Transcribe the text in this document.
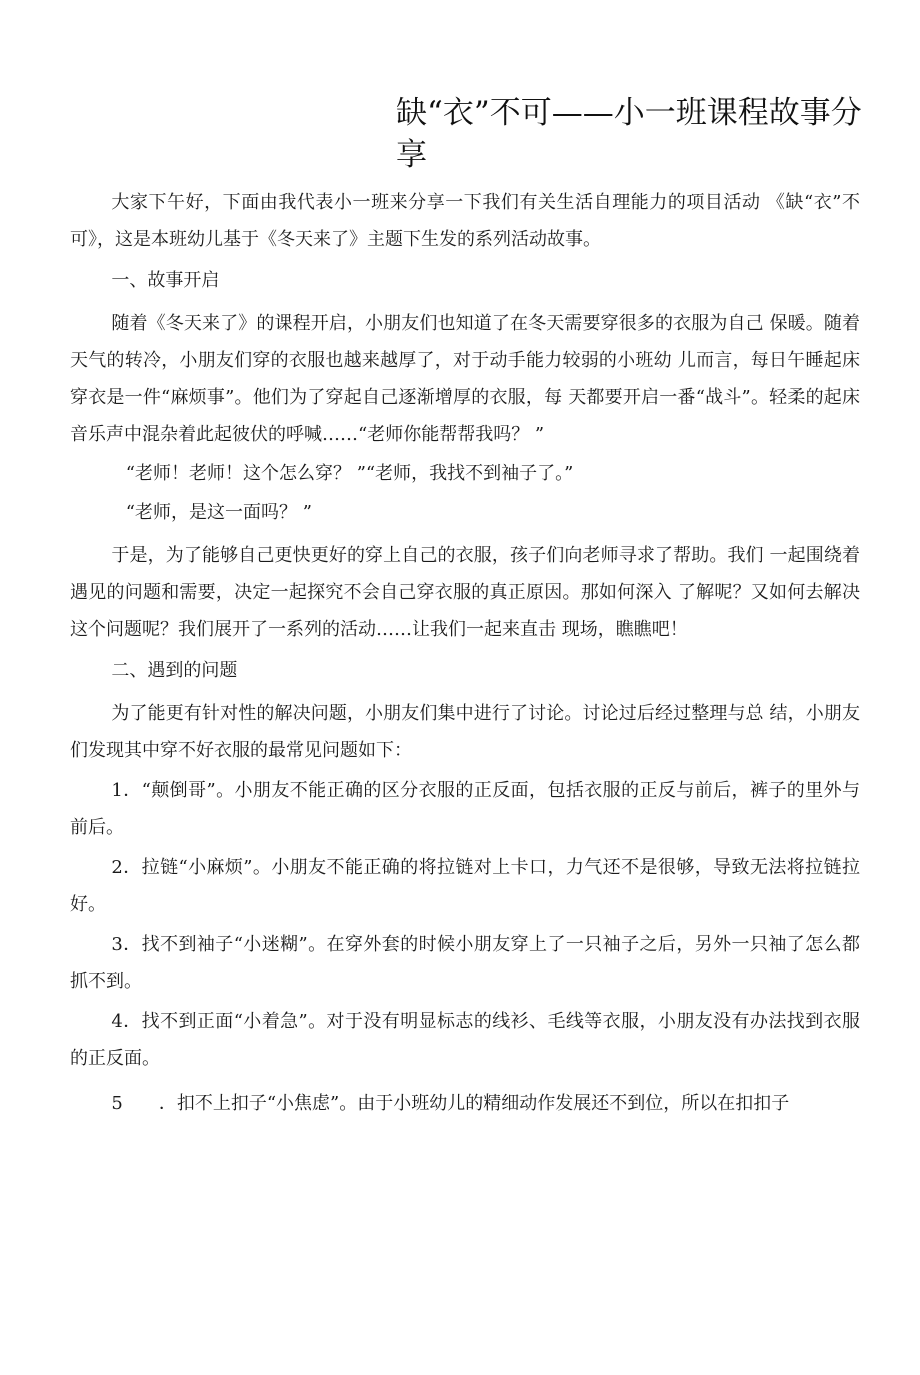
缺“衣”不可——小一班课程故事分享

大家下午好，下面由我代表小一班来分享一下我们有关生活自理能力的项目活动 《缺“衣”不可》，这是本班幼儿基于《冬天来了》主题下生发的系列活动故事。

一、故事开启

随着《冬天来了》的课程开启，小朋友们也知道了在冬天需要穿很多的衣服为自己 保暖。随着天气的转冷，小朋友们穿的衣服也越来越厚了，对于动手能力较弱的小班幼 儿而言，每日午睡起床穿衣是一件“麻烦事”。他们为了穿起自己逐渐增厚的衣服，每 天都要开启一番“战斗”。轻柔的起床音乐声中混杂着此起彼伏的呼喊……“老师你能帮帮我吗？ ”

“老师！老师！这个怎么穿？ ”“老师，我找不到袖子了。”

“老师，是这一面吗？ ”

于是，为了能够自己更快更好的穿上自己的衣服，孩子们向老师寻求了帮助。我们 一起围绕着遇见的问题和需要，决定一起探究不会自己穿衣服的真正原因。那如何深入 了解呢？又如何去解决这个问题呢？我们展开了一系列的活动……让我们一起来直击 现场，瞧瞧吧！

二、遇到的问题

为了能更有针对性的解决问题，小朋友们集中进行了讨论。讨论过后经过整理与总 结，小朋友们发现其中穿不好衣服的最常见问题如下：

1．“颠倒哥”。小朋友不能正确的区分衣服的正反面，包括衣服的正反与前后，裤子的里外与前后。

2．拉链“小麻烦”。小朋友不能正确的将拉链对上卡口，力气还不是很够，导致无法将拉链拉好。

3．找不到袖子“小迷糊”。在穿外套的时候小朋友穿上了一只袖子之后，另外一只袖了怎么都抓不到。

4．找不到正面“小着急”。对于没有明显标志的线衫、毛线等衣服，小朋友没有办法找到衣服的正反面。

5　　．扣不上扣子“小焦虑”。由于小班幼儿的精细动作发展还不到位，所以在扣扣子
